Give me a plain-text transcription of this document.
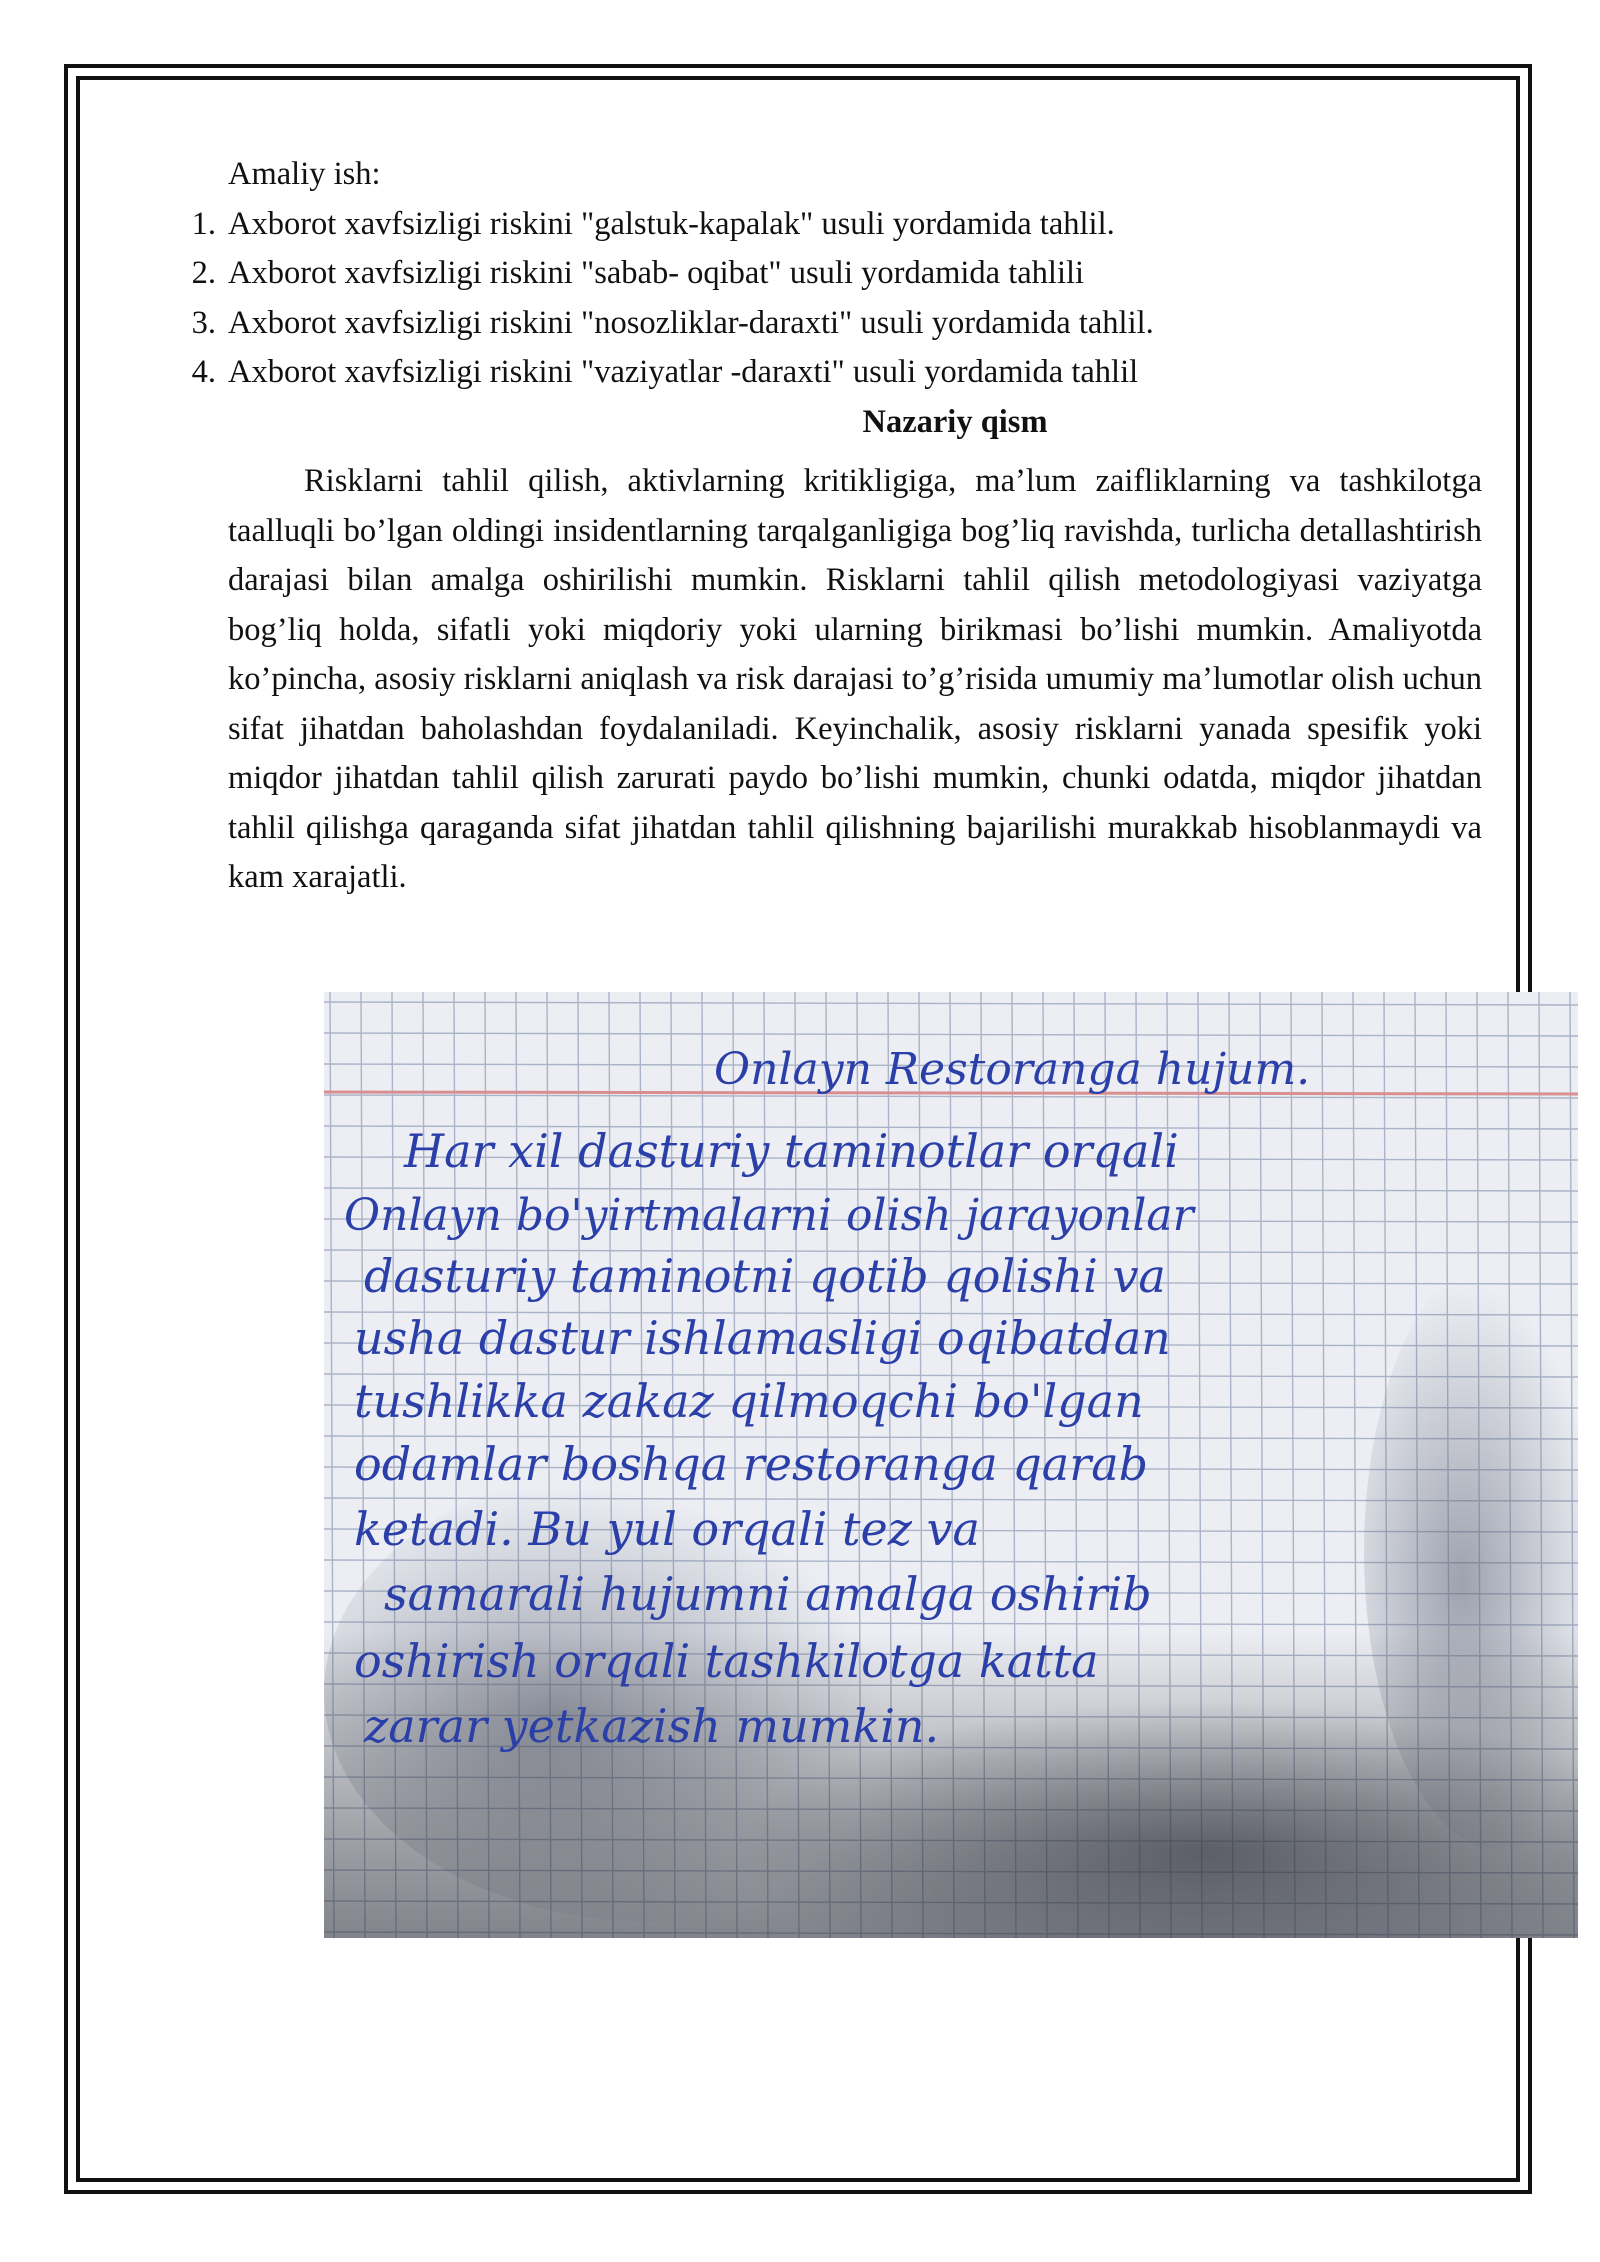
Amaliy ish:

1. Axborot xavfsizligi riskini "galstuk-kapalak" usuli yordamida tahlil.
2. Axborot xavfsizligi riskini "sabab- oqibat" usuli yordamida tahlili
3. Axborot xavfsizligi riskini "nosozliklar-daraxti" usuli yordamida tahlil.
4. Axborot xavfsizligi riskini "vaziyatlar -daraxti" usuli yordamida tahlil

Nazariy qism

Risklarni tahlil qilish, aktivlarning kritikligiga, ma’lum zaifliklarning va tashkilotga taalluqli bo’lgan oldingi insidentlarning tarqalganligiga bog’liq ravishda, turlicha detallashtirish darajasi bilan amalga oshirilishi mumkin. Risklarni tahlil qilish metodologiyasi vaziyatga bog’liq holda, sifatli yoki miqdoriy yoki ularning birikmasi bo’lishi mumkin. Amaliyotda ko’pincha, asosiy risklarni aniqlash va risk darajasi to’g’risida umumiy ma’lumotlar olish uchun sifat jihatdan baholashdan foydalaniladi. Keyinchalik, asosiy risklarni yanada spesifik yoki miqdor jihatdan tahlil qilish zarurati paydo bo’lishi mumkin, chunki odatda, miqdor jihatdan tahlil qilishga qaraganda sifat jihatdan tahlil qilishning bajarilishi murakkab hisoblanmaydi va kam xarajatli.

Onlayn Restoranga hujum.
Har xil dasturiy taminotlar orqali
Onlayn bo'yirtmalarni olish jarayonlar
dasturiy taminotni qotib qolishi va
usha dastur ishlamasligi oqibatdan
tushlikka zakaz qilmoqchi bo'lgan
odamlar boshqa restoranga qarab
ketadi. Bu yul orqali tez va
samarali hujumni amalga oshirib
oshirish orqali tashkilotga katta
zarar yetkazish mumkin.
